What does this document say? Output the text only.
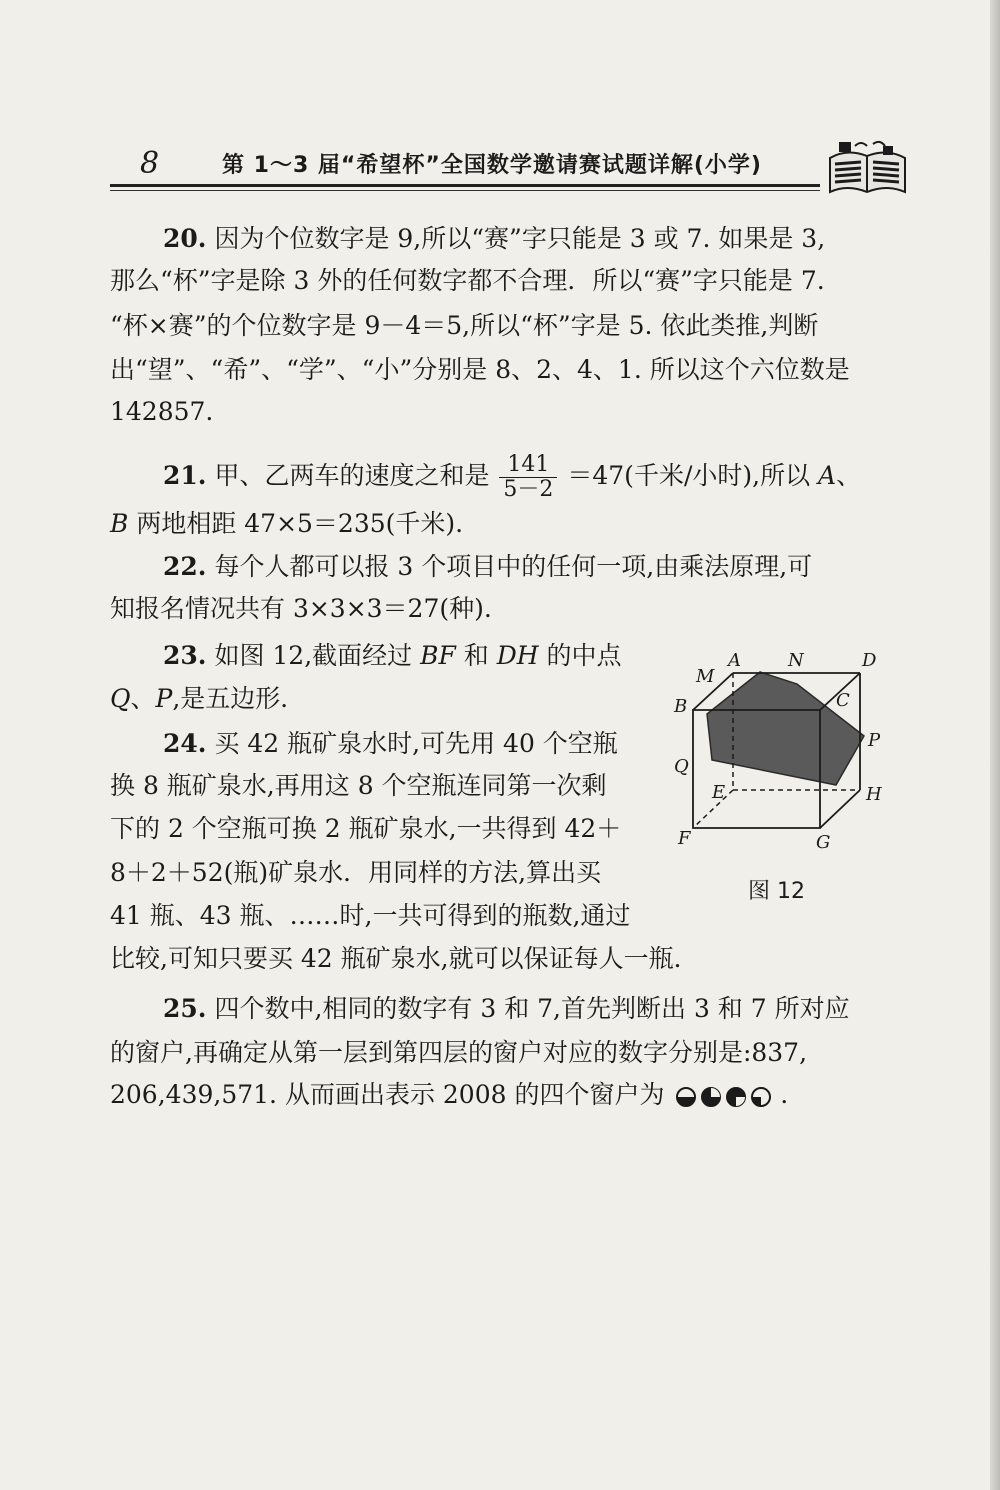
8	第 1～3 届“希望杯”全国数学邀请赛试题详解(小学)
20. 因为个位数字是 9,所以“赛”字只能是 3 或 7. 如果是 3,
那么“杯”字是除 3 外的任何数字都不合理．所以“赛”字只能是 7.
“杯×赛”的个位数字是 9－4＝5,所以“杯”字是 5. 依此类推,判断
出“望”、“希”、“学”、“小”分别是 8、2、4、1. 所以这个六位数是
142857.
21. 甲、乙两车的速度之和是 $\frac{141}{5-2} =47$(千米/小时),所以 A、
B 两地相距 47×5＝235(千米).
22. 每个人都可以报 3 个项目中的任何一项,由乘法原理,可
知报名情况共有 3×3×3＝27(种).
23. 如图 12,截面经过 BF 和 DH 的中点
Q、P,是五边形．
24. 买 42 瓶矿泉水时,可先用 40 个空瓶
换 8 瓶矿泉水,再用这 8 个空瓶连同第一次剩
下的 2 个空瓶可换 2 瓶矿泉水,一共得到 42＋
8＋2＋52(瓶)矿泉水．用同样的方法,算出买
41 瓶、43 瓶、……时,一共可得到的瓶数,通过
比较,可知只要买 42 瓶矿泉水,就可以保证每人一瓶．
A	N	D
M
B	C
P
Q
E	H
F	G
图 12
25. 四个数中,相同的数字有 3 和 7,首先判断出 3 和 7 所对应
的窗户,再确定从第一层到第四层的窗户对应的数字分别是:837,
206,439,571. 从而画出表示 2008 的四个窗户为	．
